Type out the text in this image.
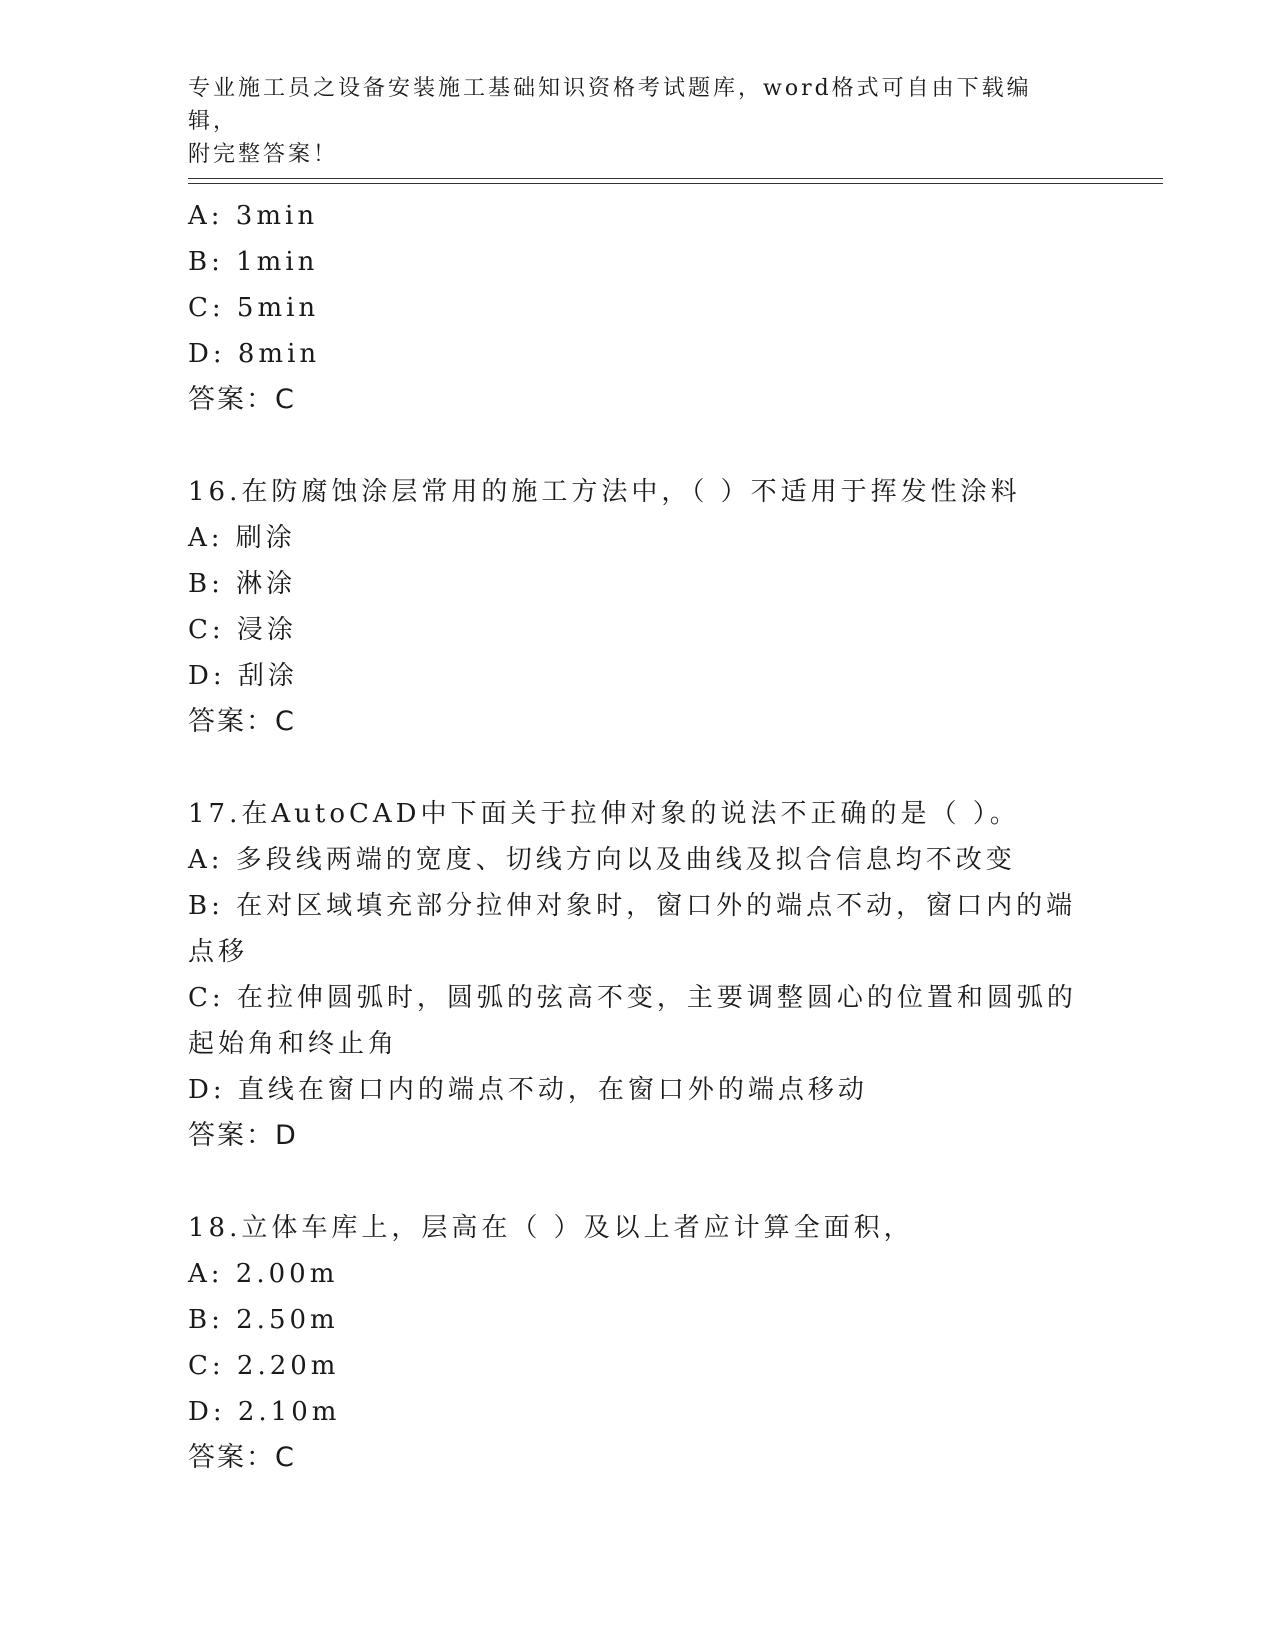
专业施工员之设备安装施工基础知识资格考试题库，word格式可自由下载编辑，
附完整答案！
A: 3min
B: 1min
C: 5min
D: 8min
答案：C
16.在防腐蚀涂层常用的施工方法中，（ ）不适用于挥发性涂料
A: 刷涂
B: 淋涂
C: 浸涂
D: 刮涂
答案：C
17.在AutoCAD中下面关于拉伸对象的说法不正确的是（ ）。
A: 多段线两端的宽度、切线方向以及曲线及拟合信息均不改变
B: 在对区域填充部分拉伸对象时，窗口外的端点不动，窗口内的端点移
C: 在拉伸圆弧时，圆弧的弦高不变，主要调整圆心的位置和圆弧的起始角和终止角
D: 直线在窗口内的端点不动，在窗口外的端点移动
答案：D
18.立体车库上，层高在（ ）及以上者应计算全面积，
A: 2.00m
B: 2.50m
C: 2.20m
D: 2.10m
答案：C
